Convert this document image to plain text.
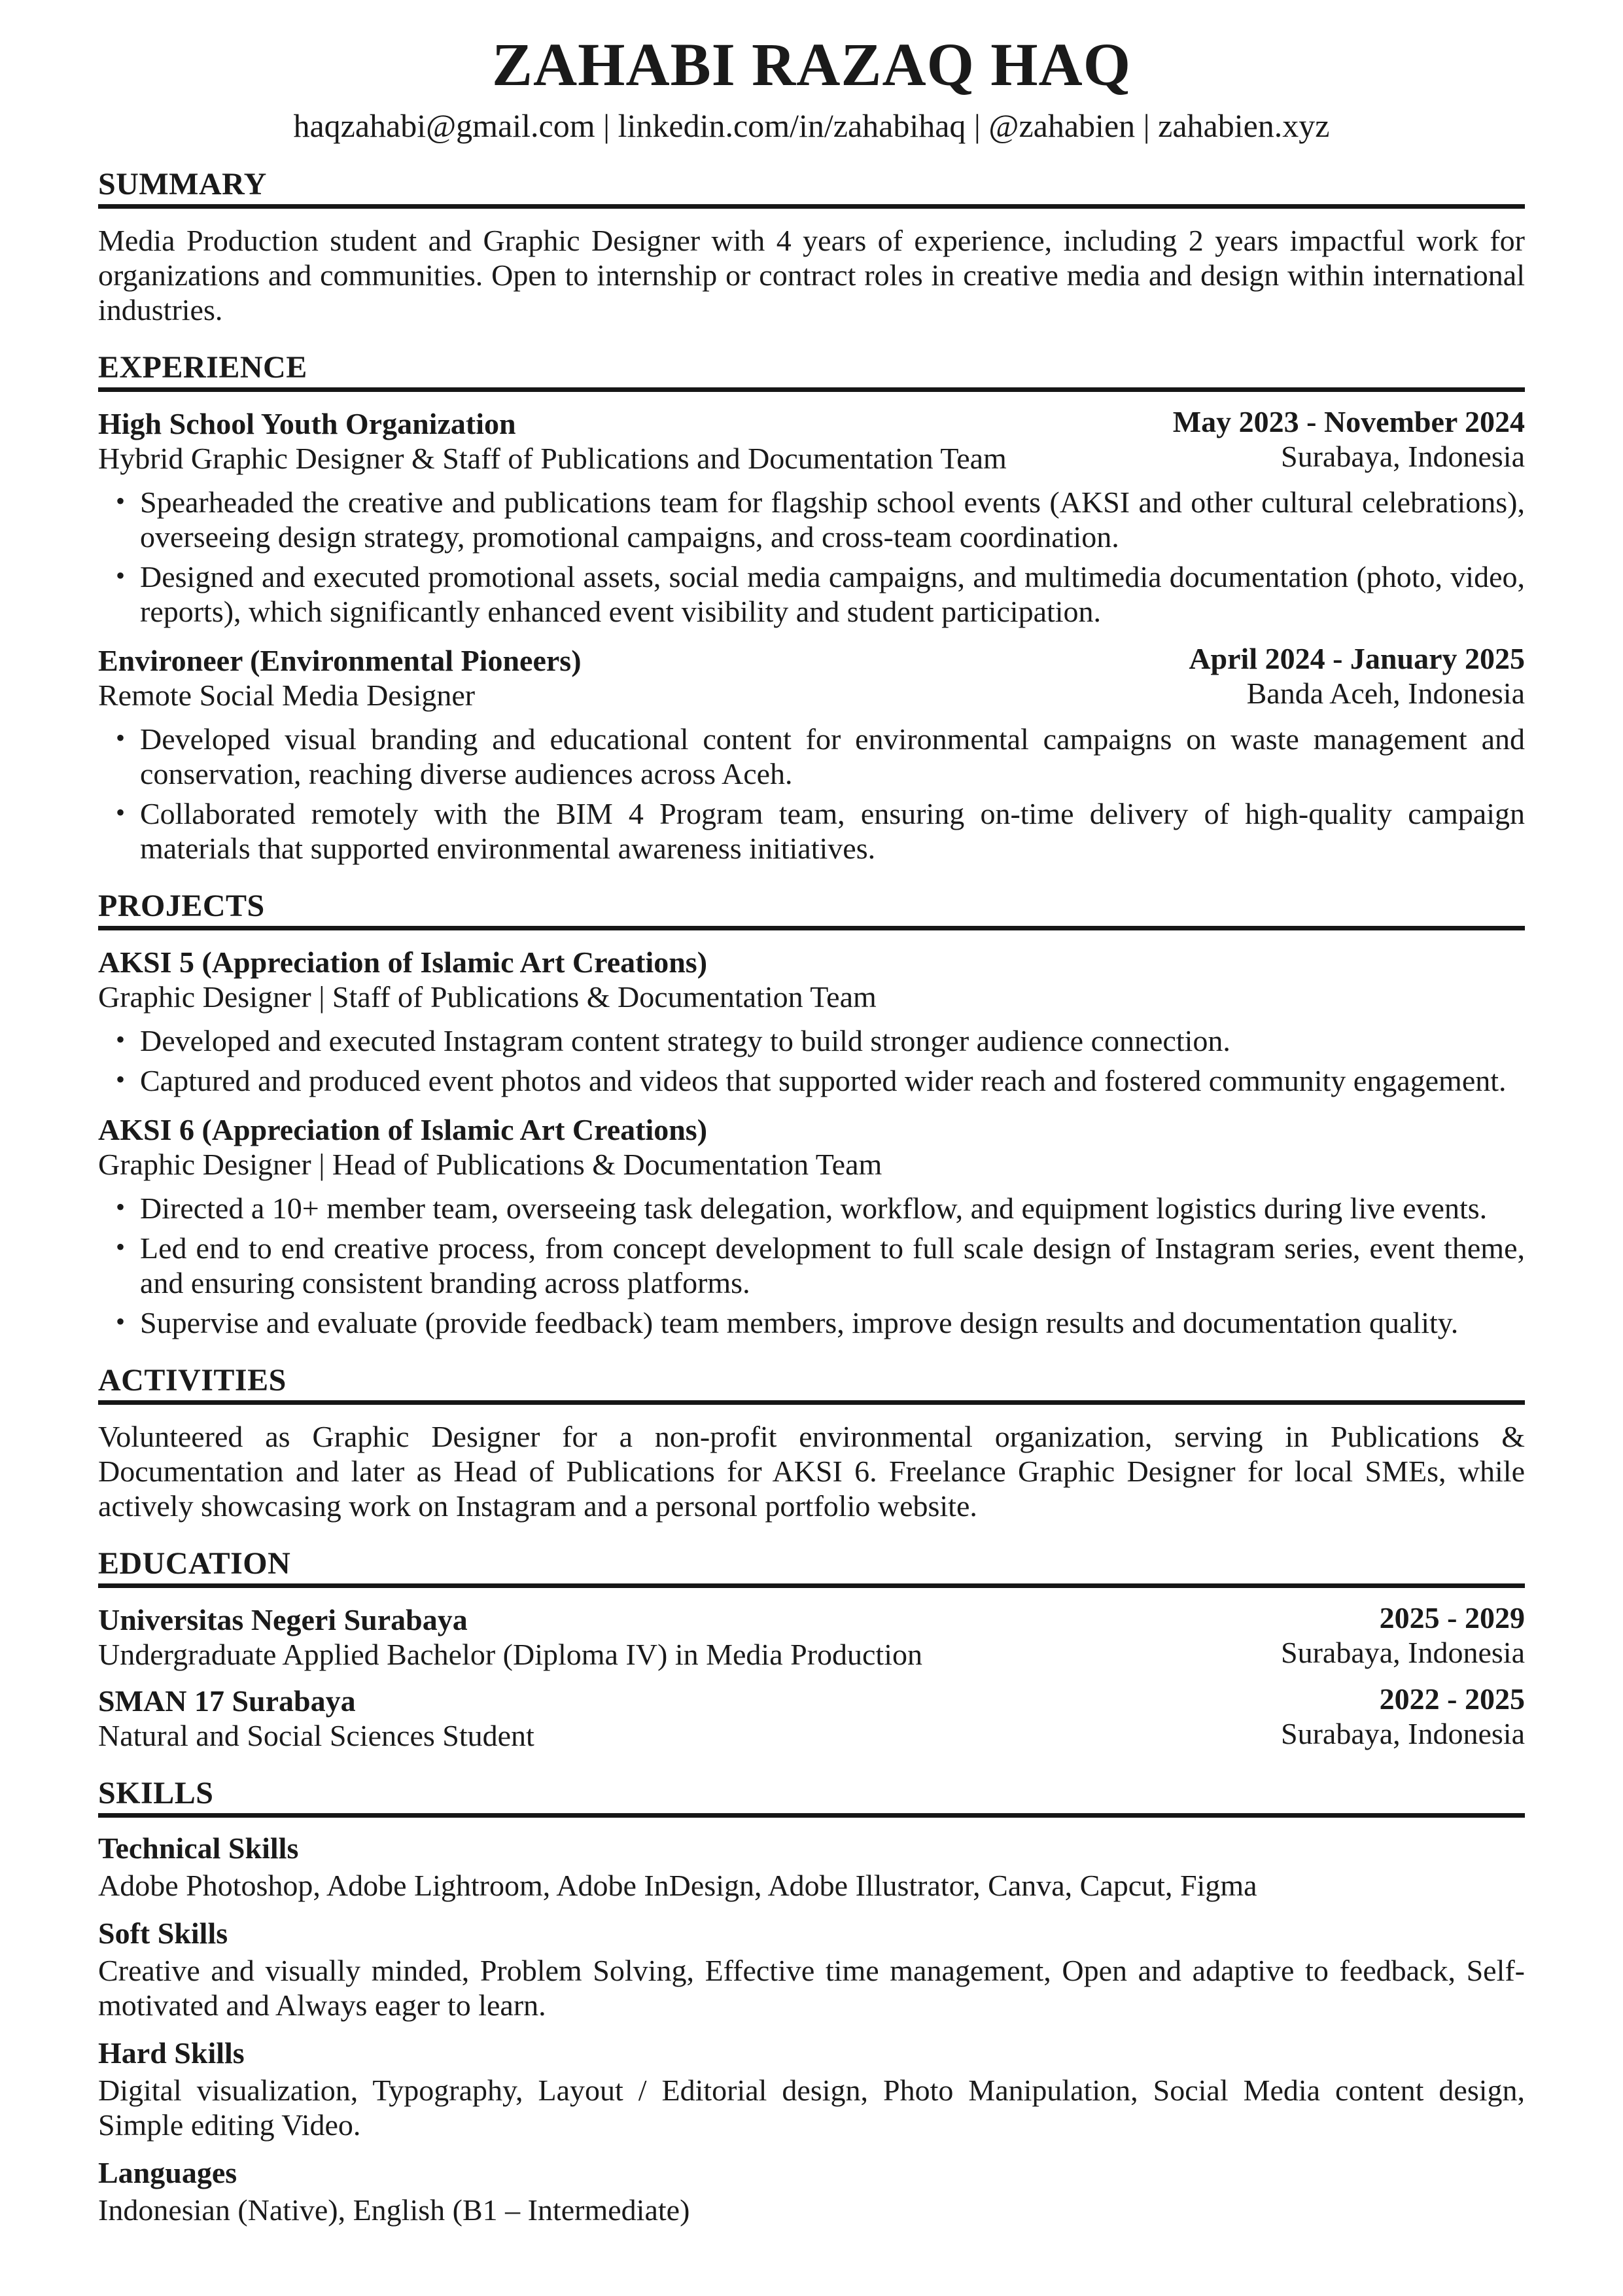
ZAHABI RAZAQ HAQ
haqzahabi@gmail.com | linkedin.com/in/zahabihaq | @zahabien | zahabien.xyz
SUMMARY

Media Production student and Graphic Designer with 4 years of experience, including 2 years impactful work for organizations and communities. Open to internship or contract roles in creative media and design within international industries.

EXPERIENCE
High School Youth Organization
Hybrid Graphic Designer & Staff of Publications and Documentation Team
May 2023 - November 2024
Surabaya, Indonesia
• Spearheaded the creative and publications team for flagship school events (AKSI and other cultural celebrations), overseeing design strategy, promotional campaigns, and cross-team coordination.
• Designed and executed promotional assets, social media campaigns, and multimedia documentation (photo, video, reports), which significantly enhanced event visibility and student participation.
Environeer (Environmental Pioneers)
Remote Social Media Designer
April 2024 - January 2025
Banda Aceh, Indonesia
• Developed visual branding and educational content for environmental campaigns on waste management and conservation, reaching diverse audiences across Aceh.
• Collaborated remotely with the BIM 4 Program team, ensuring on-time delivery of high-quality campaign materials that supported environmental awareness initiatives.
PROJECTS
AKSI 5 (Appreciation of Islamic Art Creations)
Graphic Designer | Staff of Publications & Documentation Team
• Developed and executed Instagram content strategy to build stronger audience connection.
• Captured and produced event photos and videos that supported wider reach and fostered community engagement.
AKSI 6 (Appreciation of Islamic Art Creations)
Graphic Designer | Head of Publications & Documentation Team
• Directed a 10+ member team, overseeing task delegation, workflow, and equipment logistics during live events.
• Led end to end creative process, from concept development to full scale design of Instagram series, event theme, and ensuring consistent branding across platforms.
• Supervise and evaluate (provide feedback) team members, improve design results and documentation quality.
ACTIVITIES

Volunteered as Graphic Designer for a non-profit environmental organization, serving in Publications & Documentation and later as Head of Publications for AKSI 6. Freelance Graphic Designer for local SMEs, while actively showcasing work on Instagram and a personal portfolio website.

EDUCATION
Universitas Negeri Surabaya
Undergraduate Applied Bachelor (Diploma IV) in Media Production
2025 - 2029
Surabaya, Indonesia
SMAN 17 Surabaya
Natural and Social Sciences Student
2022 - 2025
Surabaya, Indonesia
SKILLS
Technical Skills
Adobe Photoshop, Adobe Lightroom, Adobe InDesign, Adobe Illustrator, Canva, Capcut, Figma
Soft Skills
Creative and visually minded, Problem Solving, Effective time management, Open and adaptive to feedback, Self-motivated and Always eager to learn.
Hard Skills
Digital visualization, Typography, Layout / Editorial design, Photo Manipulation, Social Media content design, Simple editing Video.
Languages
Indonesian (Native), English (B1 – Intermediate)
